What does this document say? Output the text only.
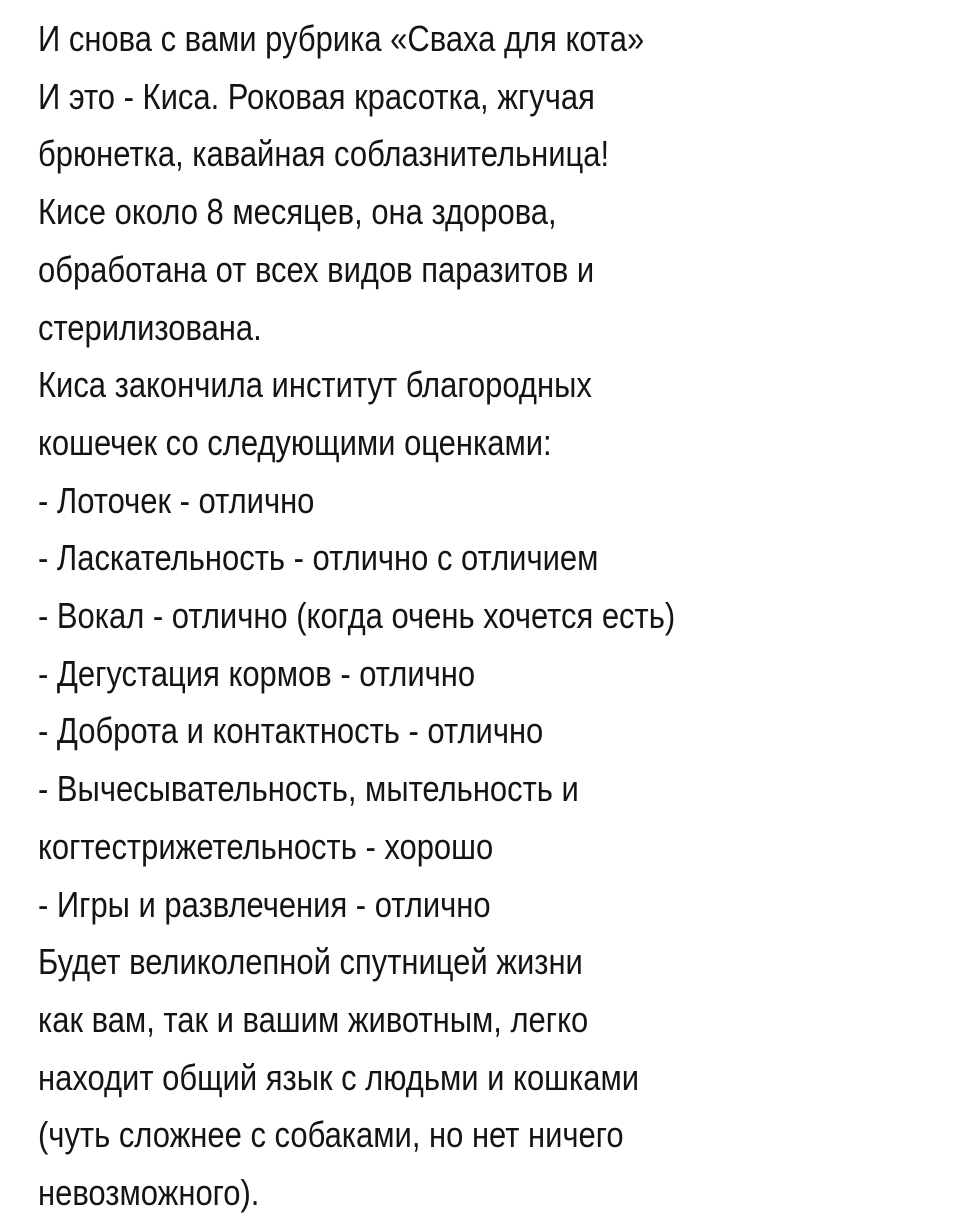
И снова с вами рубрика «Сваха для кота»
И это - Киса. Роковая красотка, жгучая
брюнетка, кавайная соблазнительница!
Кисе около 8 месяцев, она здорова,
обработана от всех видов паразитов и
стерилизована.
Киса закончила институт благородных
кошечек со следующими оценками:
- Лоточек - отлично
- Ласкательность - отлично с отличием
- Вокал - отлично (когда очень хочется есть)
- Дегустация кормов - отлично
- Доброта и контактность - отлично
- Вычесывательность, мытельность и
когтестрижетельность - хорошо
- Игры и развлечения - отлично
Будет великолепной спутницей жизни
как вам, так и вашим животным, легко
находит общий язык с людьми и кошками
(чуть сложнее с собаками, но нет ничего
невозможного).
